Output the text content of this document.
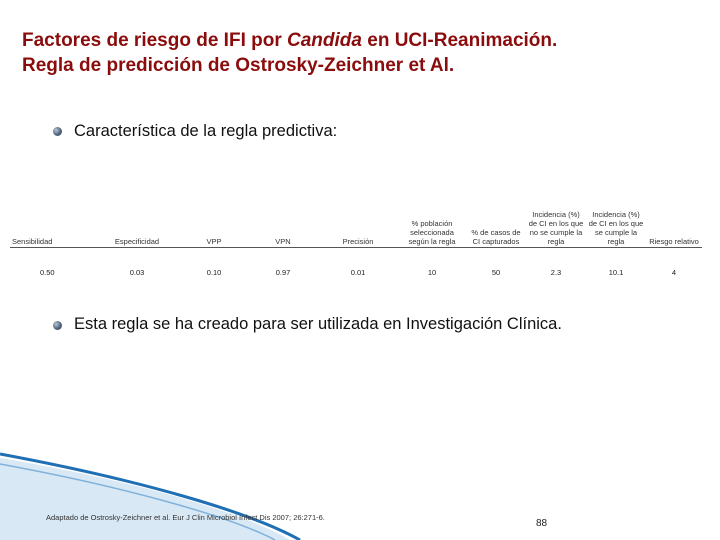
Factores de riesgo de IFI por Candida en UCI-Reanimación.
Regla de predicción de Ostrosky-Zeichner et Al.
Característica de la regla predictiva:
Sensibilidad	Especificidad	VPP	VPN	Precisión	% población seleccionada según la regla	% de casos de CI capturados	Incidencia (%) de CI en los que no se cumple la regla	Incidencia (%) de CI en los que se cumple la regla	Riesgo relativo
0.50	0.03	0.10	0.97	0.01	10	50	2.3	10.1	4
Esta regla se ha creado para ser utilizada en Investigación Clínica.
Adaptado de Ostrosky-Zeichner et al. Eur J Clin Microbiol Infect Dis 2007; 26:271-6.
88
